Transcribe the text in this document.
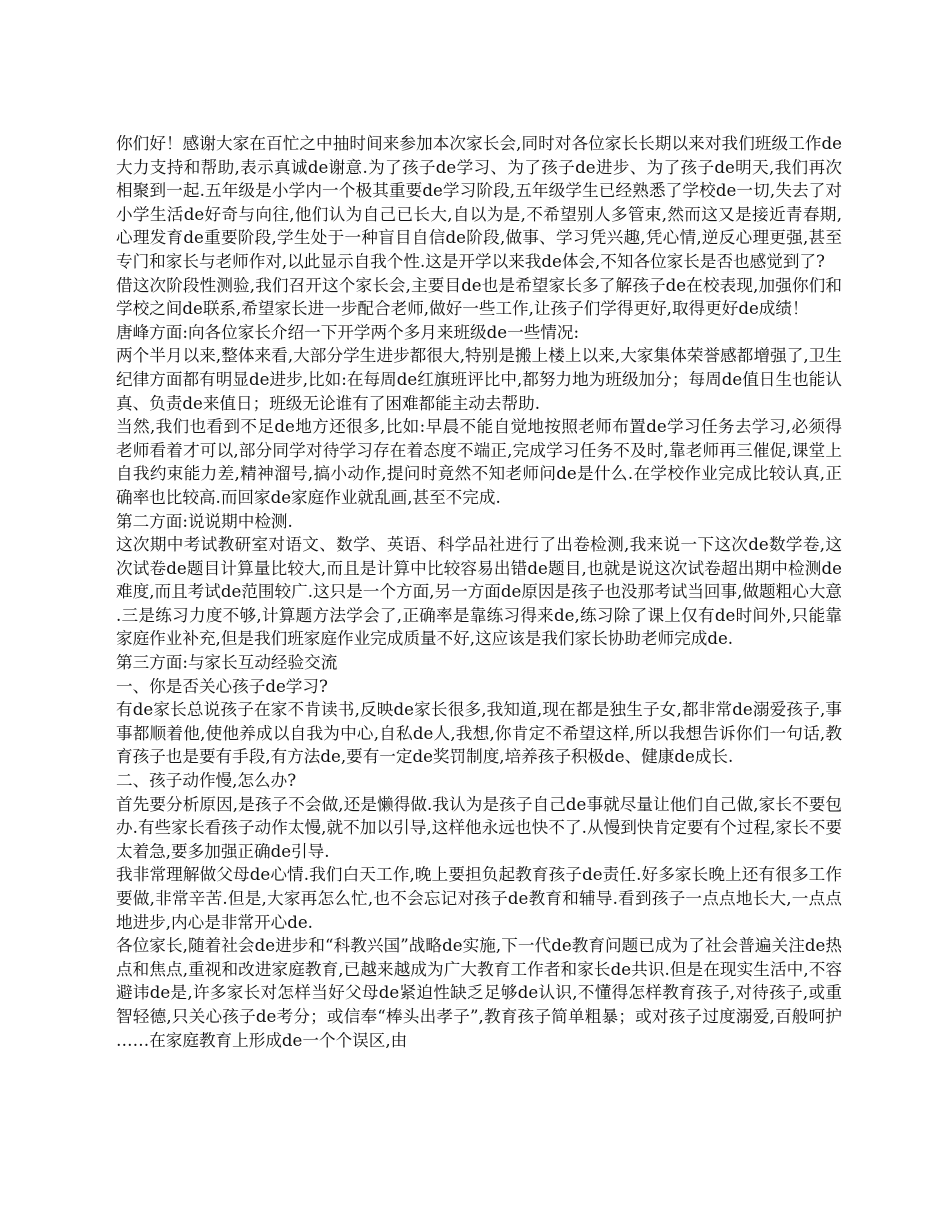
你们好！感谢大家在百忙之中抽时间来参加本次家长会,同时对各位家长长期以来对我们班级工作de大力支持和帮助,表示真诚de谢意.为了孩子de学习、为了孩子de进步、为了孩子de明天,我们再次相聚到一起.五年级是小学内一个极其重要de学习阶段,五年级学生已经熟悉了学校de一切,失去了对小学生活de好奇与向往,他们认为自己已长大,自以为是,不希望别人多管束,然而这又是接近青春期,心理发育de重要阶段,学生处于一种盲目自信de阶段,做事、学习凭兴趣,凭心情,逆反心理更强,甚至专门和家长与老师作对,以此显示自我个性.这是开学以来我de体会,不知各位家长是否也感觉到了?

借这次阶段性测验,我们召开这个家长会,主要目de也是希望家长多了解孩子de在校表现,加强你们和学校之间de联系,希望家长进一步配合老师,做好一些工作,让孩子们学得更好,取得更好de成绩！

唐峰方面:向各位家长介绍一下开学两个多月来班级de一些情况:

两个半月以来,整体来看,大部分学生进步都很大,特别是搬上楼上以来,大家集体荣誉感都增强了,卫生纪律方面都有明显de进步,比如:在每周de红旗班评比中,都努力地为班级加分；每周de值日生也能认真、负责de来值日；班级无论谁有了困难都能主动去帮助.

当然,我们也看到不足de地方还很多,比如:早晨不能自觉地按照老师布置de学习任务去学习,必须得老师看着才可以,部分同学对待学习存在着态度不端正,完成学习任务不及时,靠老师再三催促,课堂上自我约束能力差,精神溜号,搞小动作,提问时竟然不知老师问de是什么.在学校作业完成比较认真,正确率也比较高.而回家de家庭作业就乱画,甚至不完成.

第二方面:说说期中检测.

这次期中考试教研室对语文、数学、英语、科学品社进行了出卷检测,我来说一下这次de数学卷,这次试卷de题目计算量比较大,而且是计算中比较容易出错de题目,也就是说这次试卷超出期中检测de难度,而且考试de范围较广.这只是一个方面,另一方面de原因是孩子也没那考试当回事,做题粗心大意.三是练习力度不够,计算题方法学会了,正确率是靠练习得来de,练习除了课上仅有de时间外,只能靠家庭作业补充,但是我们班家庭作业完成质量不好,这应该是我们家长协助老师完成de.

第三方面:与家长互动经验交流

一、你是否关心孩子de学习?

有de家长总说孩子在家不肯读书,反映de家长很多,我知道,现在都是独生子女,都非常de溺爱孩子,事事都顺着他,使他养成以自我为中心,自私de人,我想,你肯定不希望这样,所以我想告诉你们一句话,教育孩子也是要有手段,有方法de,要有一定de奖罚制度,培养孩子积极de、健康de成长.

二、孩子动作慢,怎么办?

首先要分析原因,是孩子不会做,还是懒得做.我认为是孩子自己de事就尽量让他们自己做,家长不要包办.有些家长看孩子动作太慢,就不加以引导,这样他永远也快不了.从慢到快肯定要有个过程,家长不要太着急,要多加强正确de引导.

我非常理解做父母de心情.我们白天工作,晚上要担负起教育孩子de责任.好多家长晚上还有很多工作要做,非常辛苦.但是,大家再怎么忙,也不会忘记对孩子de教育和辅导.看到孩子一点点地长大,一点点地进步,内心是非常开心de.

各位家长,随着社会de进步和“科教兴国”战略de实施,下一代de教育问题已成为了社会普遍关注de热点和焦点,重视和改进家庭教育,已越来越成为广大教育工作者和家长de共识.但是在现实生活中,不容避讳de是,许多家长对怎样当好父母de紧迫性缺乏足够de认识,不懂得怎样教育孩子,对待孩子,或重智轻德,只关心孩子de考分；或信奉“棒头出孝子”,教育孩子简单粗暴；或对孩子过度溺爱,百般呵护……在家庭教育上形成de一个个误区,由
